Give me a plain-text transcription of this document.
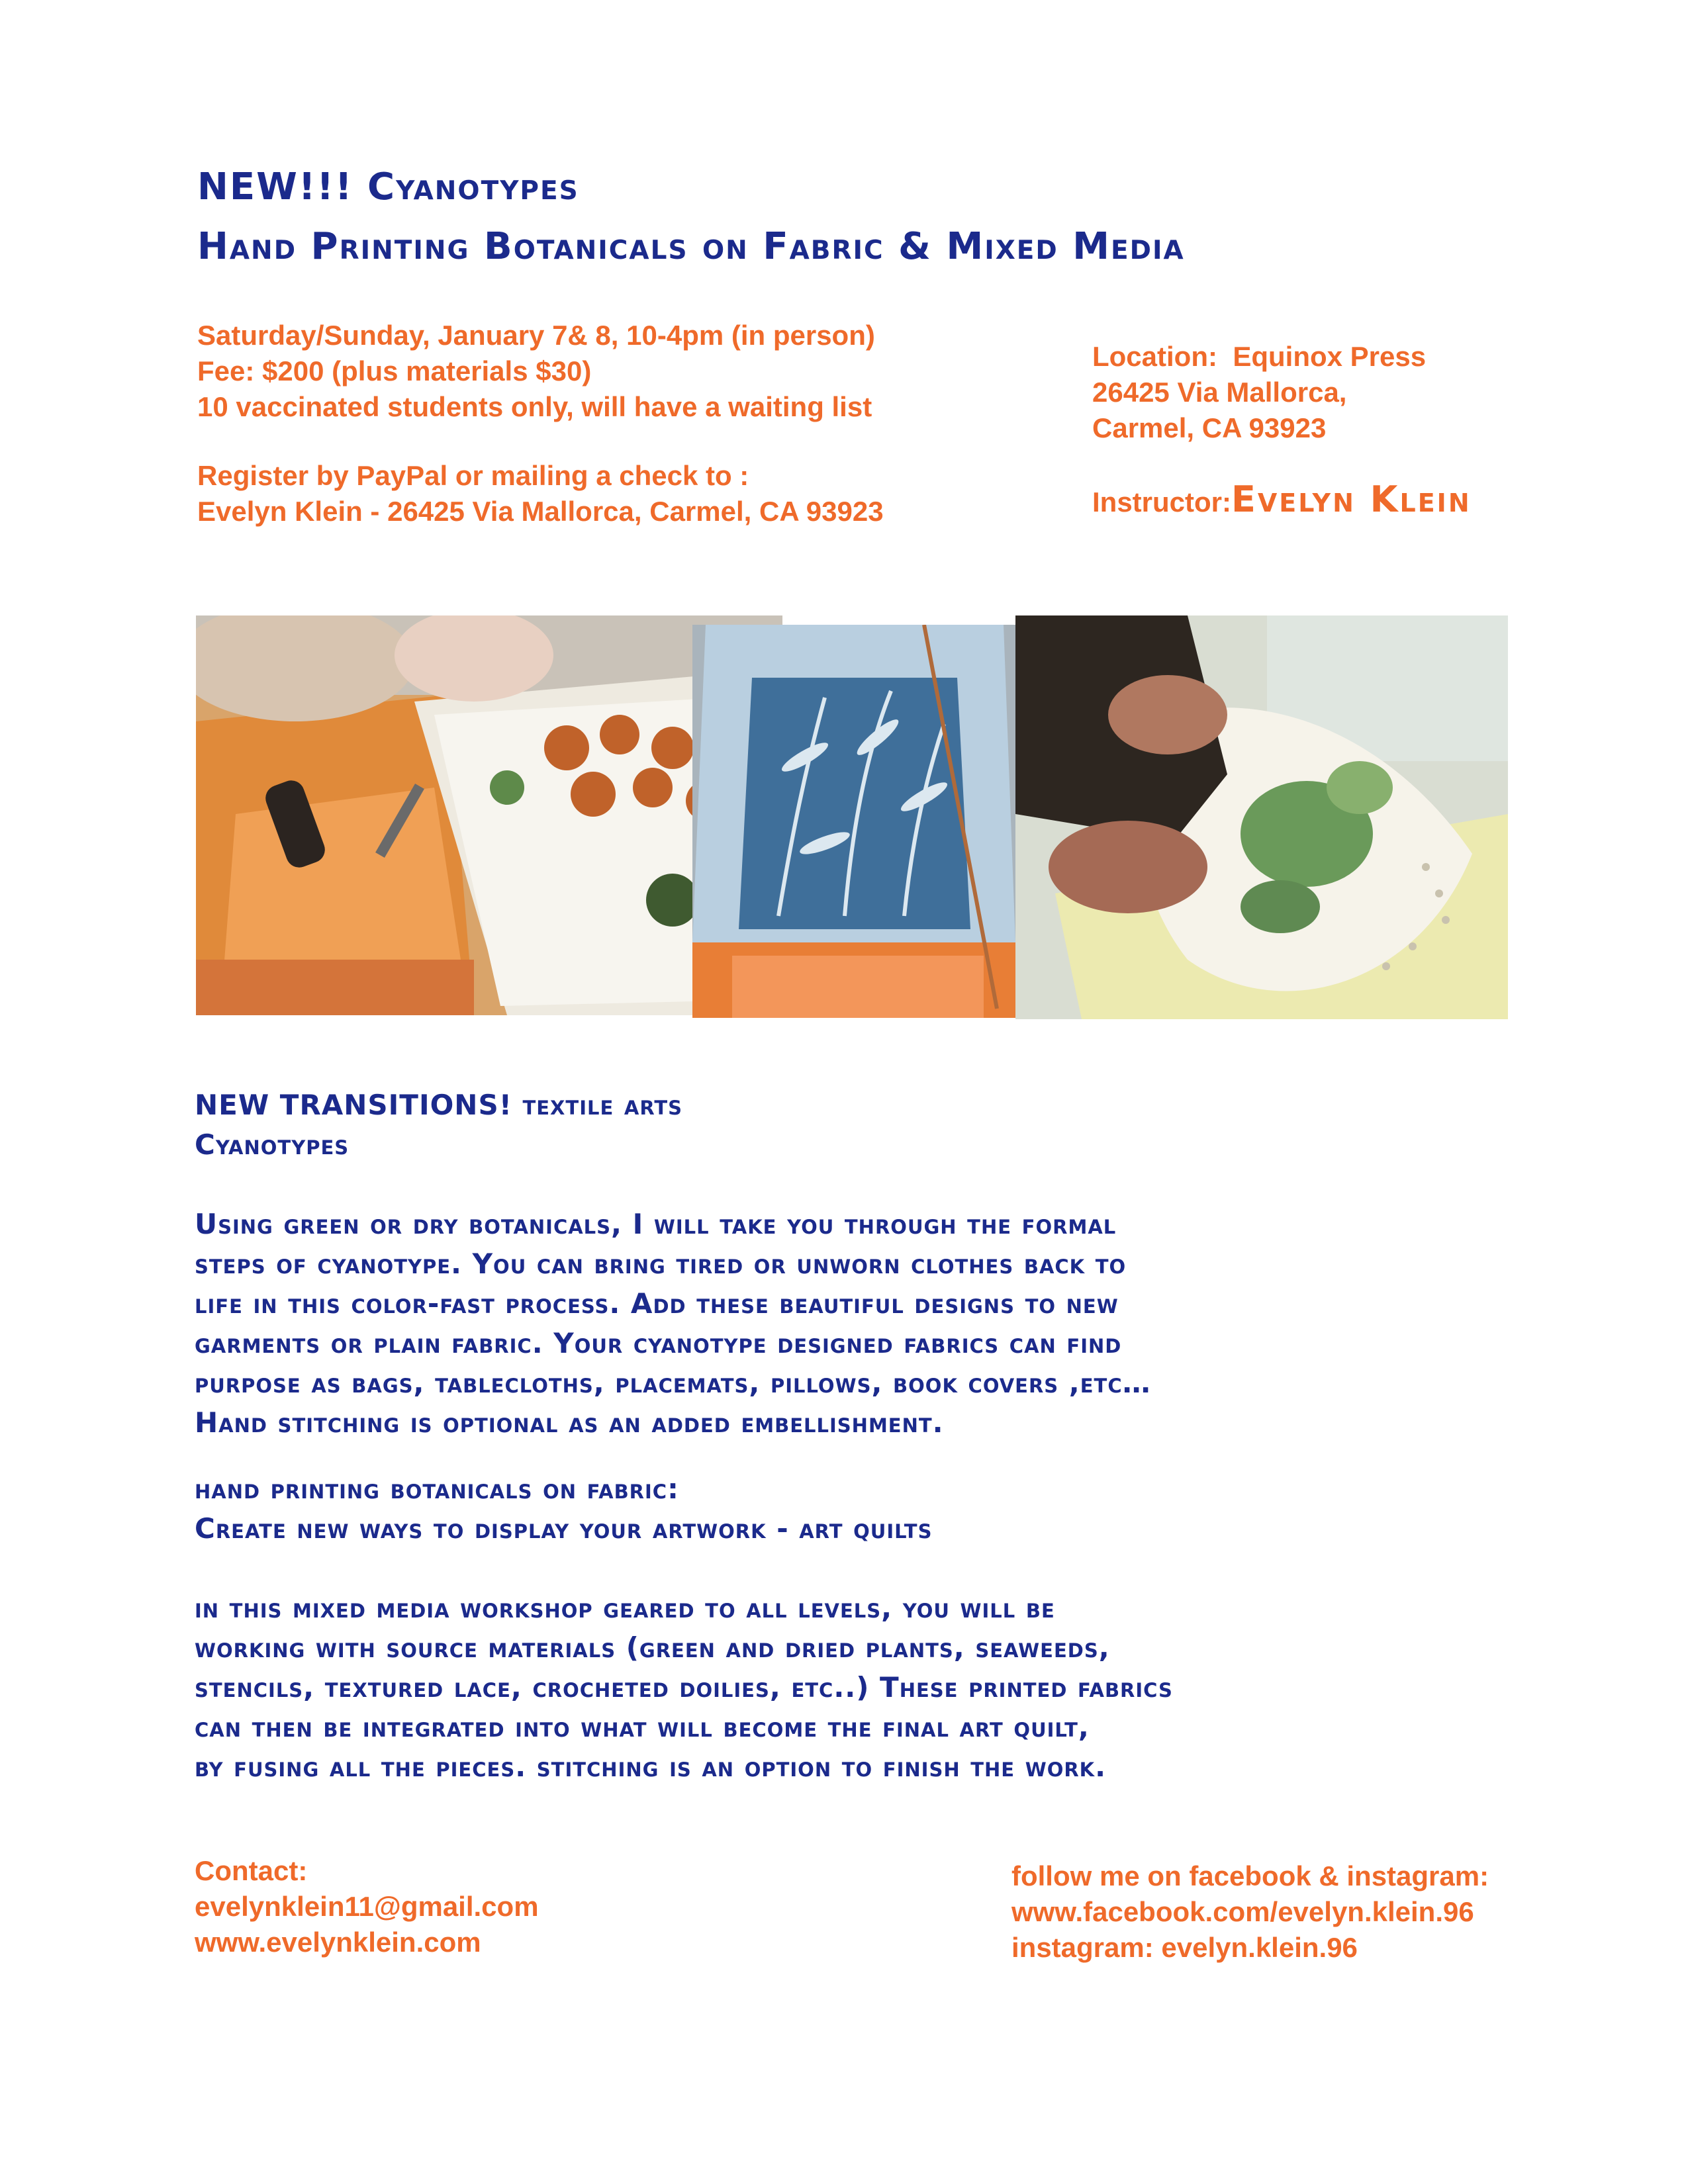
NEW!!! Cyanotypes
Hand Printing Botanicals on Fabric & Mixed Media
Saturday/Sunday, January 7& 8, 10-4pm (in person)
Fee: $200 (plus materials $30)
10 vaccinated students only, will have a waiting list
Register by PayPal or mailing a check to :
Evelyn Klein - 26425 Via Mallorca, Carmel, CA 93923
Location: Equinox Press
26425 Via Mallorca,
Carmel, CA 93923
Instructor:Evelyn Klein
NEW TRANSITIONS! textile arts
Cyanotypes
Using green or dry botanicals, I will take you through the formal
steps of cyanotype. You can bring tired or unworn clothes back to
life in this color-fast process. Add these beautiful designs to new
garments or plain fabric. Your cyanotype designed fabrics can find
purpose as bags, tablecloths, placemats, pillows, book covers ,etc…
Hand stitching is optional as an added embellishment.
hand printing botanicals on fabric:
Create new ways to display your artwork - art quilts
in this mixed media workshop geared to all levels, you will be
working with source materials (green and dried plants, seaweeds,
stencils, textured lace, crocheted doilies, etc..) These printed fabrics
can then be integrated into what will become the final art quilt,
by fusing all the pieces. stitching is an option to finish the work.
Contact:
evelynklein11@gmail.com
www.evelynklein.com
follow me on facebook & instagram:
www.facebook.com/evelyn.klein.96
instagram: evelyn.klein.96
